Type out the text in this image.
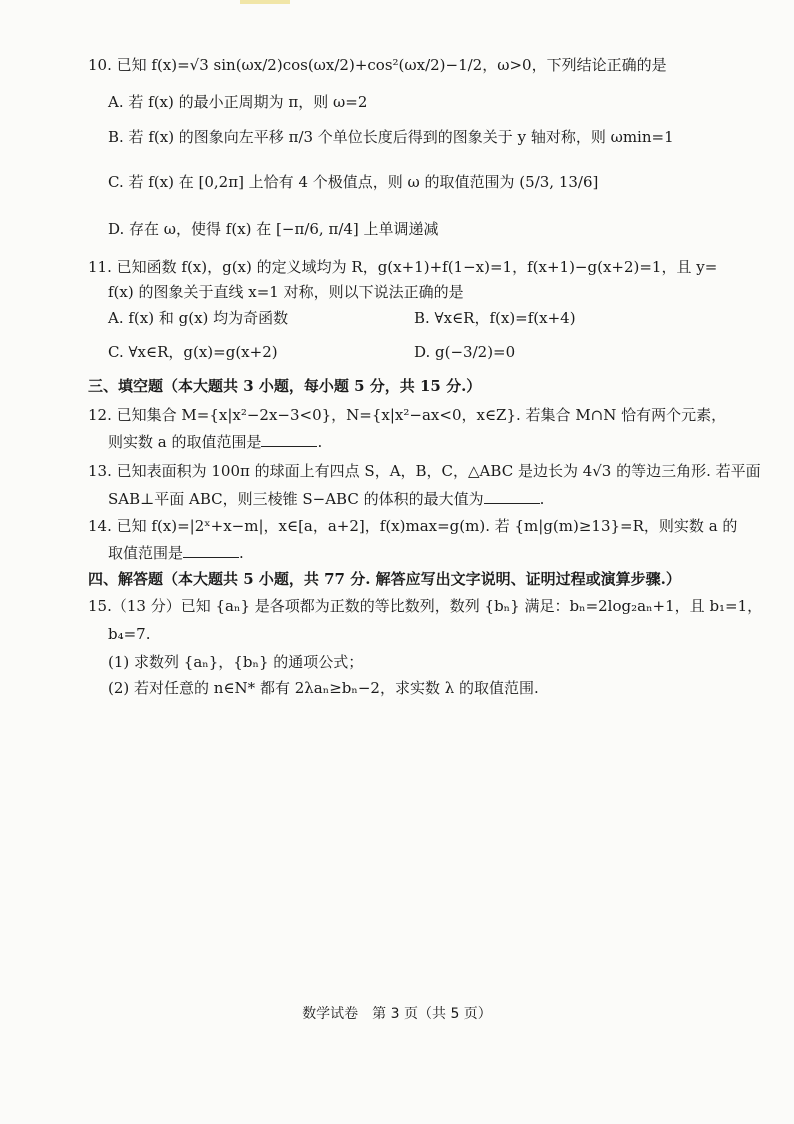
10. 已知 f(x)=√3 sin(ωx/2)cos(ωx/2)+cos²(ωx/2)−1/2，ω>0，下列结论正确的是
A. 若 f(x) 的最小正周期为 π，则 ω=2
B. 若 f(x) 的图象向左平移 π/3 个单位长度后得到的图象关于 y 轴对称，则 ωmin=1
C. 若 f(x) 在 [0,2π] 上恰有 4 个极值点，则 ω 的取值范围为 (5/3, 13/6]
D. 存在 ω，使得 f(x) 在 [−π/6, π/4] 上单调递减
11. 已知函数 f(x)，g(x) 的定义域均为 R，g(x+1)+f(1−x)=1，f(x+1)−g(x+2)=1，且 y=
f(x) 的图象关于直线 x=1 对称，则以下说法正确的是
A. f(x) 和 g(x) 均为奇函数	B. ∀x∈R，f(x)=f(x+4)
C. ∀x∈R，g(x)=g(x+2)	D. g(−3/2)=0
三、填空题（本大题共 3 小题，每小题 5 分，共 15 分.）
12. 已知集合 M={x|x²−2x−3<0}，N={x|x²−ax<0，x∈Z}. 若集合 M∩N 恰有两个元素，
则实数 a 的取值范围是	.
13. 已知表面积为 100π 的球面上有四点 S，A，B，C，△ABC 是边长为 4√3 的等边三角形. 若平面
SAB⊥平面 ABC，则三棱锥 S−ABC 的体积的最大值为	.
14. 已知 f(x)=|2ˣ+x−m|，x∈[a，a+2]，f(x)max=g(m). 若 {m|g(m)≥13}=R，则实数 a 的
取值范围是	.
四、解答题（本大题共 5 小题，共 77 分. 解答应写出文字说明、证明过程或演算步骤.）
15.（13 分）已知 {aₙ} 是各项都为正数的等比数列，数列 {bₙ} 满足：bₙ=2log₂aₙ+1，且 b₁=1，
b₄=7.
(1) 求数列 {aₙ}，{bₙ} 的通项公式；
(2) 若对任意的 n∈N* 都有 2λaₙ≥bₙ−2，求实数 λ 的取值范围.
数学试卷　第 3 页（共 5 页）
